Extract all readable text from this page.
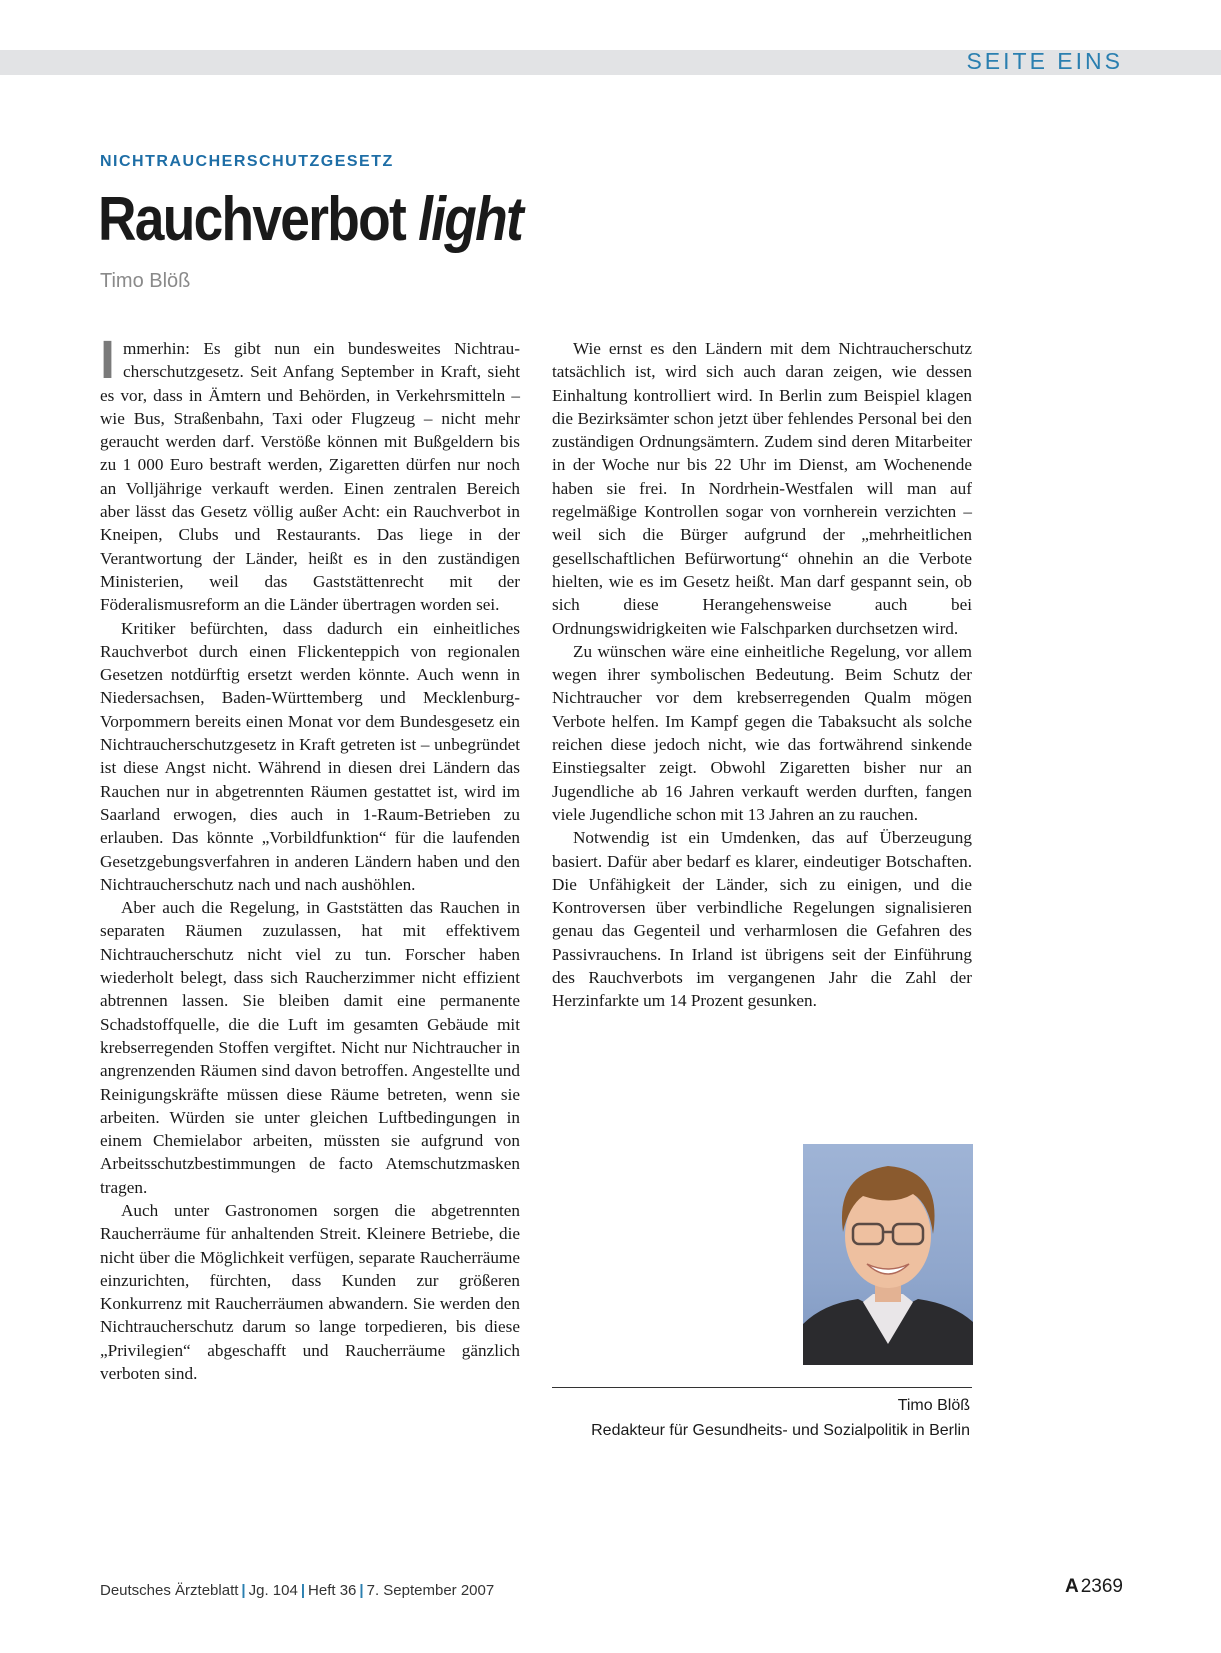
SEITE EINS
NICHTRAUCHERSCHUTZGESETZ
Rauchverbot light
Timo Blöß

Immerhin: Es gibt nun ein bundesweites Nichtraucherschutzgesetz. Seit Anfang September in Kraft, sieht es vor, dass in Ämtern und Behörden, in Verkehrsmitteln – wie Bus, Straßenbahn, Taxi oder Flugzeug – nicht mehr geraucht werden darf. Verstöße können mit Bußgeldern bis zu 1 000 Euro bestraft werden, Zigaretten dürfen nur noch an Volljährige verkauft werden. Einen zentralen Bereich aber lässt das Gesetz völlig außer Acht: ein Rauchverbot in Kneipen, Clubs und Restaurants. Das liege in der Verantwortung der Länder, heißt es in den zuständigen Ministerien, weil das Gaststättenrecht mit der Föderalismusreform an die Länder übertragen worden sei.

Kritiker befürchten, dass dadurch ein einheitliches Rauchverbot durch einen Flickenteppich von regionalen Gesetzen notdürftig ersetzt werden könnte. Auch wenn in Niedersachsen, Baden-Württemberg und Mecklenburg-Vorpommern bereits einen Monat vor dem Bundesgesetz ein Nichtraucherschutzgesetz in Kraft getreten ist – unbegründet ist diese Angst nicht. Während in diesen drei Ländern das Rauchen nur in abgetrennten Räumen gestattet ist, wird im Saarland erwogen, dies auch in 1-Raum-Betrieben zu erlauben. Das könnte „Vorbildfunktion“ für die laufenden Gesetzgebungsverfahren in anderen Ländern haben und den Nichtraucherschutz nach und nach aushöhlen.

Aber auch die Regelung, in Gaststätten das Rauchen in separaten Räumen zuzulassen, hat mit effektivem Nichtraucherschutz nicht viel zu tun. Forscher haben wiederholt belegt, dass sich Raucherzimmer nicht effizient abtrennen lassen. Sie bleiben damit eine permanente Schadstoffquelle, die die Luft im gesamten Gebäude mit krebserregenden Stoffen vergiftet. Nicht nur Nichtraucher in angrenzenden Räumen sind davon betroffen. Angestellte und Reinigungskräfte müssen diese Räume betreten, wenn sie arbeiten. Würden sie unter gleichen Luftbedingungen in einem Chemielabor arbeiten, müssten sie aufgrund von Arbeitsschutzbestimmungen de facto Atemschutzmasken tragen.

Auch unter Gastronomen sorgen die abgetrennten Raucherräume für anhaltenden Streit. Kleinere Betriebe, die nicht über die Möglichkeit verfügen, separate Raucherräume einzurichten, fürchten, dass Kunden zur größeren Konkurrenz mit Raucherräumen abwandern. Sie werden den Nichtraucherschutz darum so lange torpedieren, bis diese „Privilegien“ abgeschafft und Raucherräume gänzlich verboten sind.

Wie ernst es den Ländern mit dem Nichtraucherschutz tatsächlich ist, wird sich auch daran zeigen, wie dessen Einhaltung kontrolliert wird. In Berlin zum Beispiel klagen die Bezirksämter schon jetzt über fehlendes Personal bei den zuständigen Ordnungsämtern. Zudem sind deren Mitarbeiter in der Woche nur bis 22 Uhr im Dienst, am Wochenende haben sie frei. In Nordrhein-Westfalen will man auf regelmäßige Kontrollen sogar von vornherein verzichten – weil sich die Bürger aufgrund der „mehrheitlichen gesellschaftlichen Befürwortung“ ohnehin an die Verbote hielten, wie es im Gesetz heißt. Man darf gespannt sein, ob sich diese Herangehensweise auch bei Ordnungswidrigkeiten wie Falschparken durchsetzen wird.

Zu wünschen wäre eine einheitliche Regelung, vor allem wegen ihrer symbolischen Bedeutung. Beim Schutz der Nichtraucher vor dem krebserregenden Qualm mögen Verbote helfen. Im Kampf gegen die Tabaksucht als solche reichen diese jedoch nicht, wie das fortwährend sinkende Einstiegsalter zeigt. Obwohl Zigaretten bisher nur an Jugendliche ab 16 Jahren verkauft werden durften, fangen viele Jugendliche schon mit 13 Jahren an zu rauchen.

Notwendig ist ein Umdenken, das auf Überzeugung basiert. Dafür aber bedarf es klarer, eindeutiger Botschaften. Die Unfähigkeit der Länder, sich zu einigen, und die Kontroversen über verbindliche Regelungen signalisieren genau das Gegenteil und verharmlosen die Gefahren des Passivrauchens. In Irland ist übrigens seit der Einführung des Rauchverbots im vergangenen Jahr die Zahl der Herzinfarkte um 14 Prozent gesunken.

Timo Blöß
Redakteur für Gesundheits- und Sozialpolitik in Berlin
Deutsches Ärzteblatt | Jg. 104 | Heft 36 | 7. September 2007	A 2369
